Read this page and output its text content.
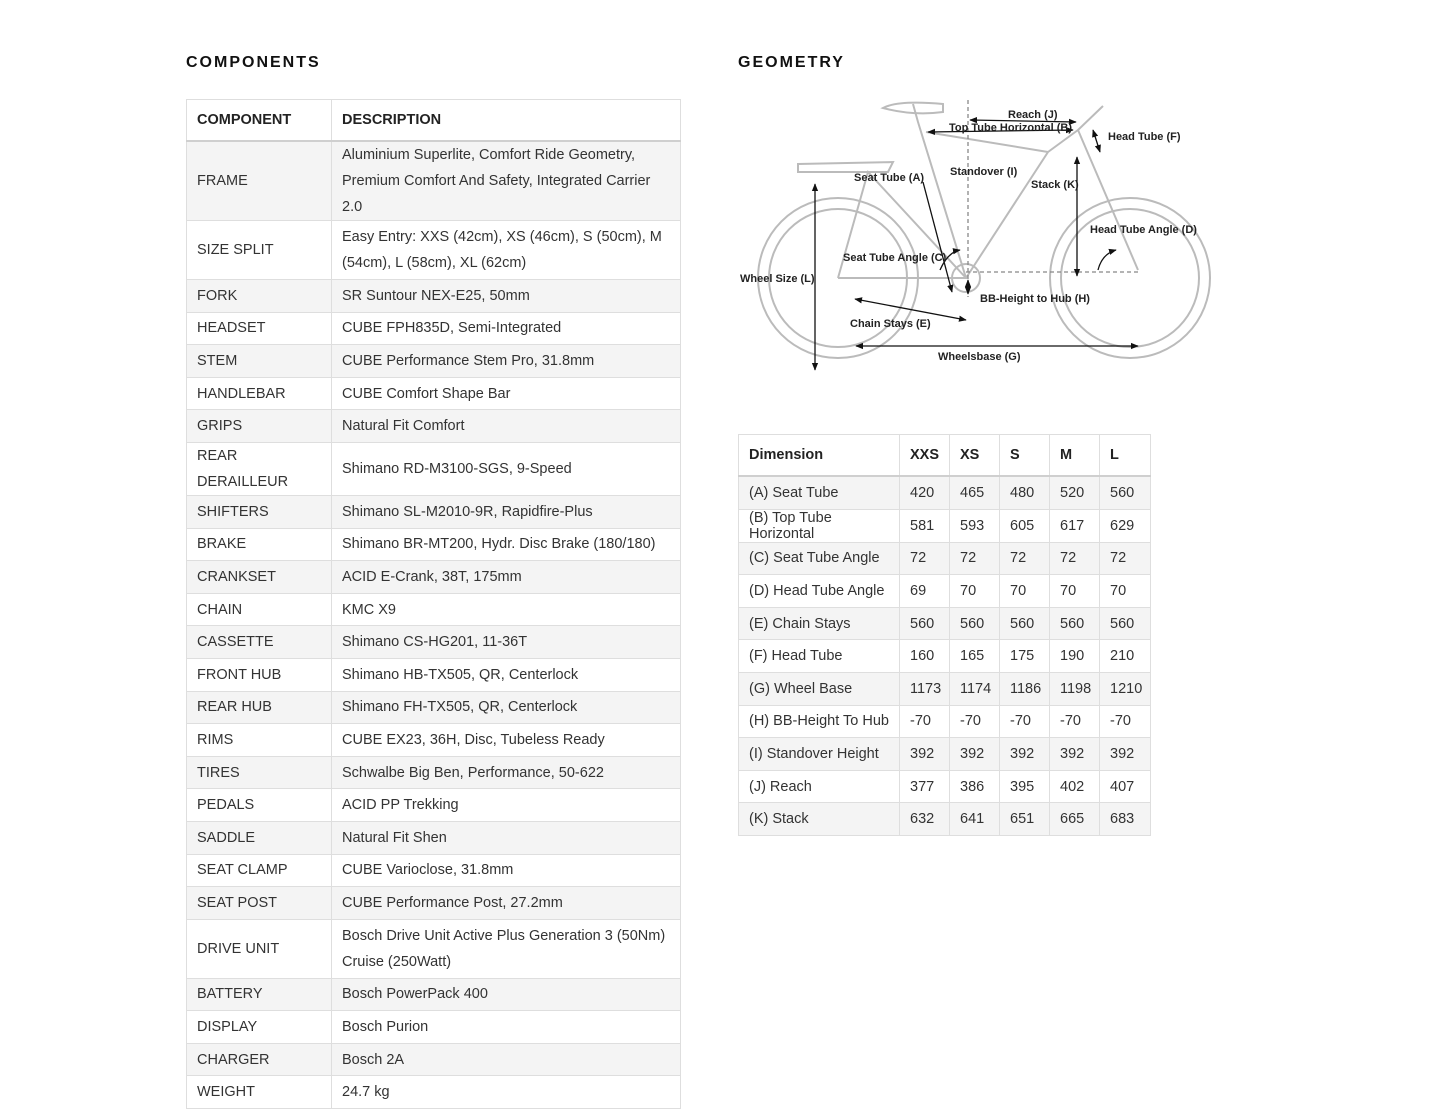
COMPONENTS	GEOMETRY
COMPONENT	DESCRIPTION
FRAME	Aluminium Superlite, Comfort Ride Geometry, Premium Comfort And Safety, Integrated Carrier 2.0
SIZE SPLIT	Easy Entry: XXS (42cm), XS (46cm), S (50cm), M (54cm), L (58cm), XL (62cm)
FORK	SR Suntour NEX-E25, 50mm
HEADSET	CUBE FPH835D, Semi-Integrated
STEM	CUBE Performance Stem Pro, 31.8mm
HANDLEBAR	CUBE Comfort Shape Bar
GRIPS	Natural Fit Comfort
REAR DERAILLEUR	Shimano RD-M3100-SGS, 9-Speed
SHIFTERS	Shimano SL-M2010-9R, Rapidfire-Plus
BRAKE	Shimano BR-MT200, Hydr. Disc Brake (180/180)
CRANKSET	ACID E-Crank, 38T, 175mm
CHAIN	KMC X9
CASSETTE	Shimano CS-HG201, 11-36T
FRONT HUB	Shimano HB-TX505, QR, Centerlock
REAR HUB	Shimano FH-TX505, QR, Centerlock
RIMS	CUBE EX23, 36H, Disc, Tubeless Ready
TIRES	Schwalbe Big Ben, Performance, 50-622
PEDALS	ACID PP Trekking
SADDLE	Natural Fit Shen
SEAT CLAMP	CUBE Varioclose, 31.8mm
SEAT POST	CUBE Performance Post, 27.2mm
DRIVE UNIT	Bosch Drive Unit Active Plus Generation 3 (50Nm) Cruise (250Watt)
BATTERY	Bosch PowerPack 400
DISPLAY	Bosch Purion
CHARGER	Bosch 2A
WEIGHT	24.7 kg
Reach (J)
Top Tube Horizontal (B)
Head Tube (F)
Seat Tube (A) Standover (I)
Stack (K)
Head Tube Angle (D)
Seat Tube Angle (C)
Wheel Size (L)
BB-Height to Hub (H)
Chain Stays (E)
Wheelsbase (G)
Dimension	XXS	XS	S	M	L
(A) Seat Tube	420	465	480	520	560
(B) Top Tube Horizontal	581	593	605	617	629
(C) Seat Tube Angle	72	72	72	72	72
(D) Head Tube Angle	69	70	70	70	70
(E) Chain Stays	560	560	560	560	560
(F) Head Tube	160	165	175	190	210
(G) Wheel Base	1173	1174	1186	1198	1210
(H) BB-Height To Hub	-70	-70	-70	-70	-70
(I) Standover Height	392	392	392	392	392
(J) Reach	377	386	395	402	407
(K) Stack	632	641	651	665	683
